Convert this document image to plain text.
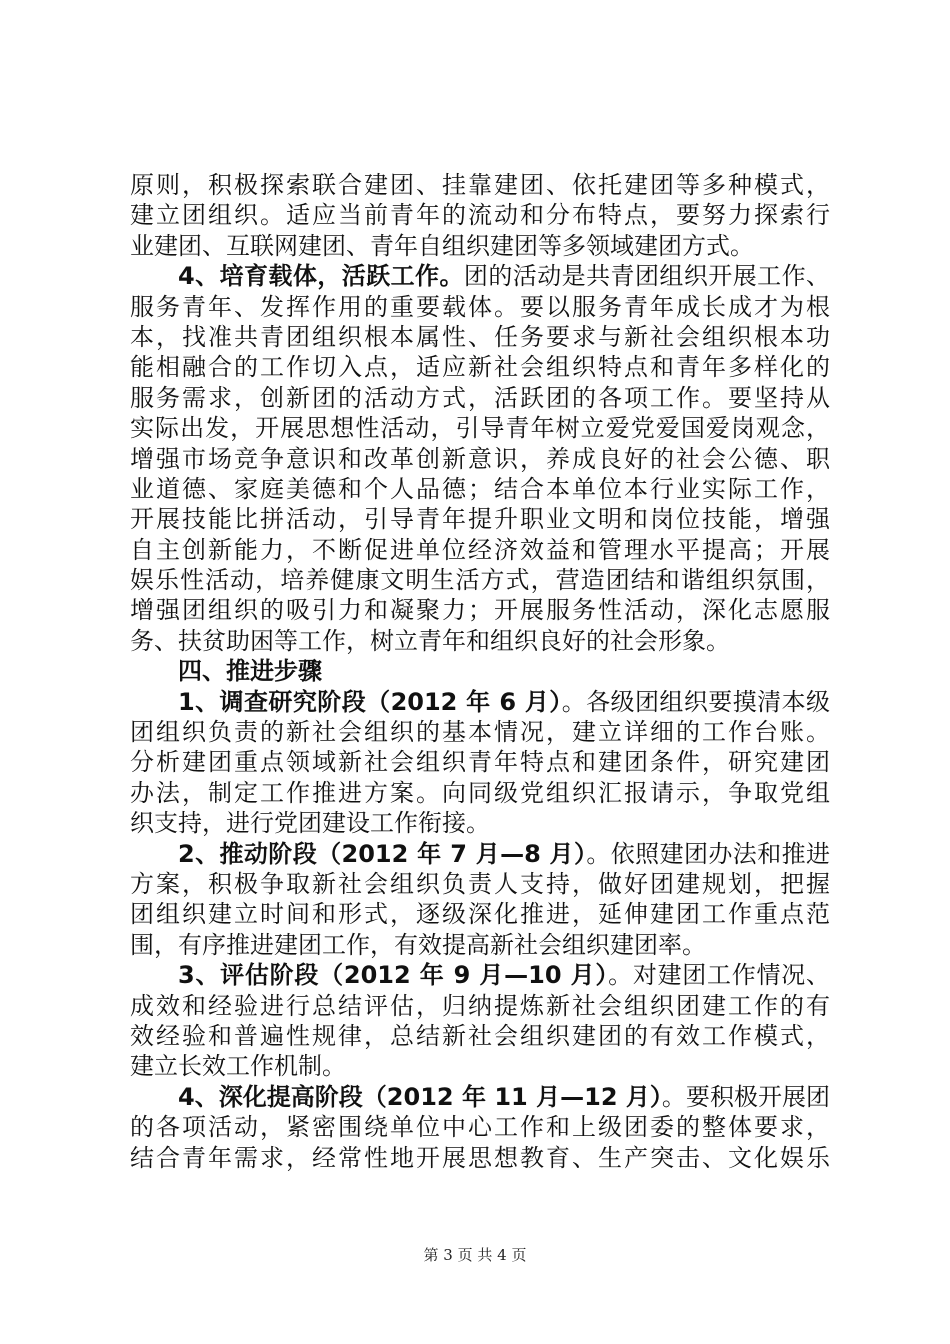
原则，积极探索联合建团、挂靠建团、依托建团等多种模式，
建立团组织。适应当前青年的流动和分布特点，要努力探索行
业建团、互联网建团、青年自组织建团等多领域建团方式。
4、培育载体，活跃工作。团的活动是共青团组织开展工作、
服务青年、发挥作用的重要载体。要以服务青年成长成才为根
本，找准共青团组织根本属性、任务要求与新社会组织根本功
能相融合的工作切入点，适应新社会组织特点和青年多样化的
服务需求，创新团的活动方式，活跃团的各项工作。要坚持从
实际出发，开展思想性活动，引导青年树立爱党爱国爱岗观念，
增强市场竞争意识和改革创新意识，养成良好的社会公德、职
业道德、家庭美德和个人品德；结合本单位本行业实际工作，
开展技能比拼活动，引导青年提升职业文明和岗位技能，增强
自主创新能力，不断促进单位经济效益和管理水平提高；开展
娱乐性活动，培养健康文明生活方式，营造团结和谐组织氛围，
增强团组织的吸引力和凝聚力；开展服务性活动，深化志愿服
务、扶贫助困等工作，树立青年和组织良好的社会形象。
四、推进步骤
1、调查研究阶段（2012 年 6 月）。各级团组织要摸清本级
团组织负责的新社会组织的基本情况，建立详细的工作台账。
分析建团重点领域新社会组织青年特点和建团条件，研究建团
办法，制定工作推进方案。向同级党组织汇报请示，争取党组
织支持，进行党团建设工作衔接。
2、推动阶段（2012 年 7 月—8 月）。依照建团办法和推进
方案，积极争取新社会组织负责人支持，做好团建规划，把握
团组织建立时间和形式，逐级深化推进，延伸建团工作重点范
围，有序推进建团工作，有效提高新社会组织建团率。
3、评估阶段（2012 年 9 月—10 月）。对建团工作情况、
成效和经验进行总结评估，归纳提炼新社会组织团建工作的有
效经验和普遍性规律，总结新社会组织建团的有效工作模式，
建立长效工作机制。
4、深化提高阶段（2012 年 11 月—12 月）。要积极开展团
的各项活动，紧密围绕单位中心工作和上级团委的整体要求，
结合青年需求，经常性地开展思想教育、生产突击、文化娱乐
第 3 页 共 4 页
